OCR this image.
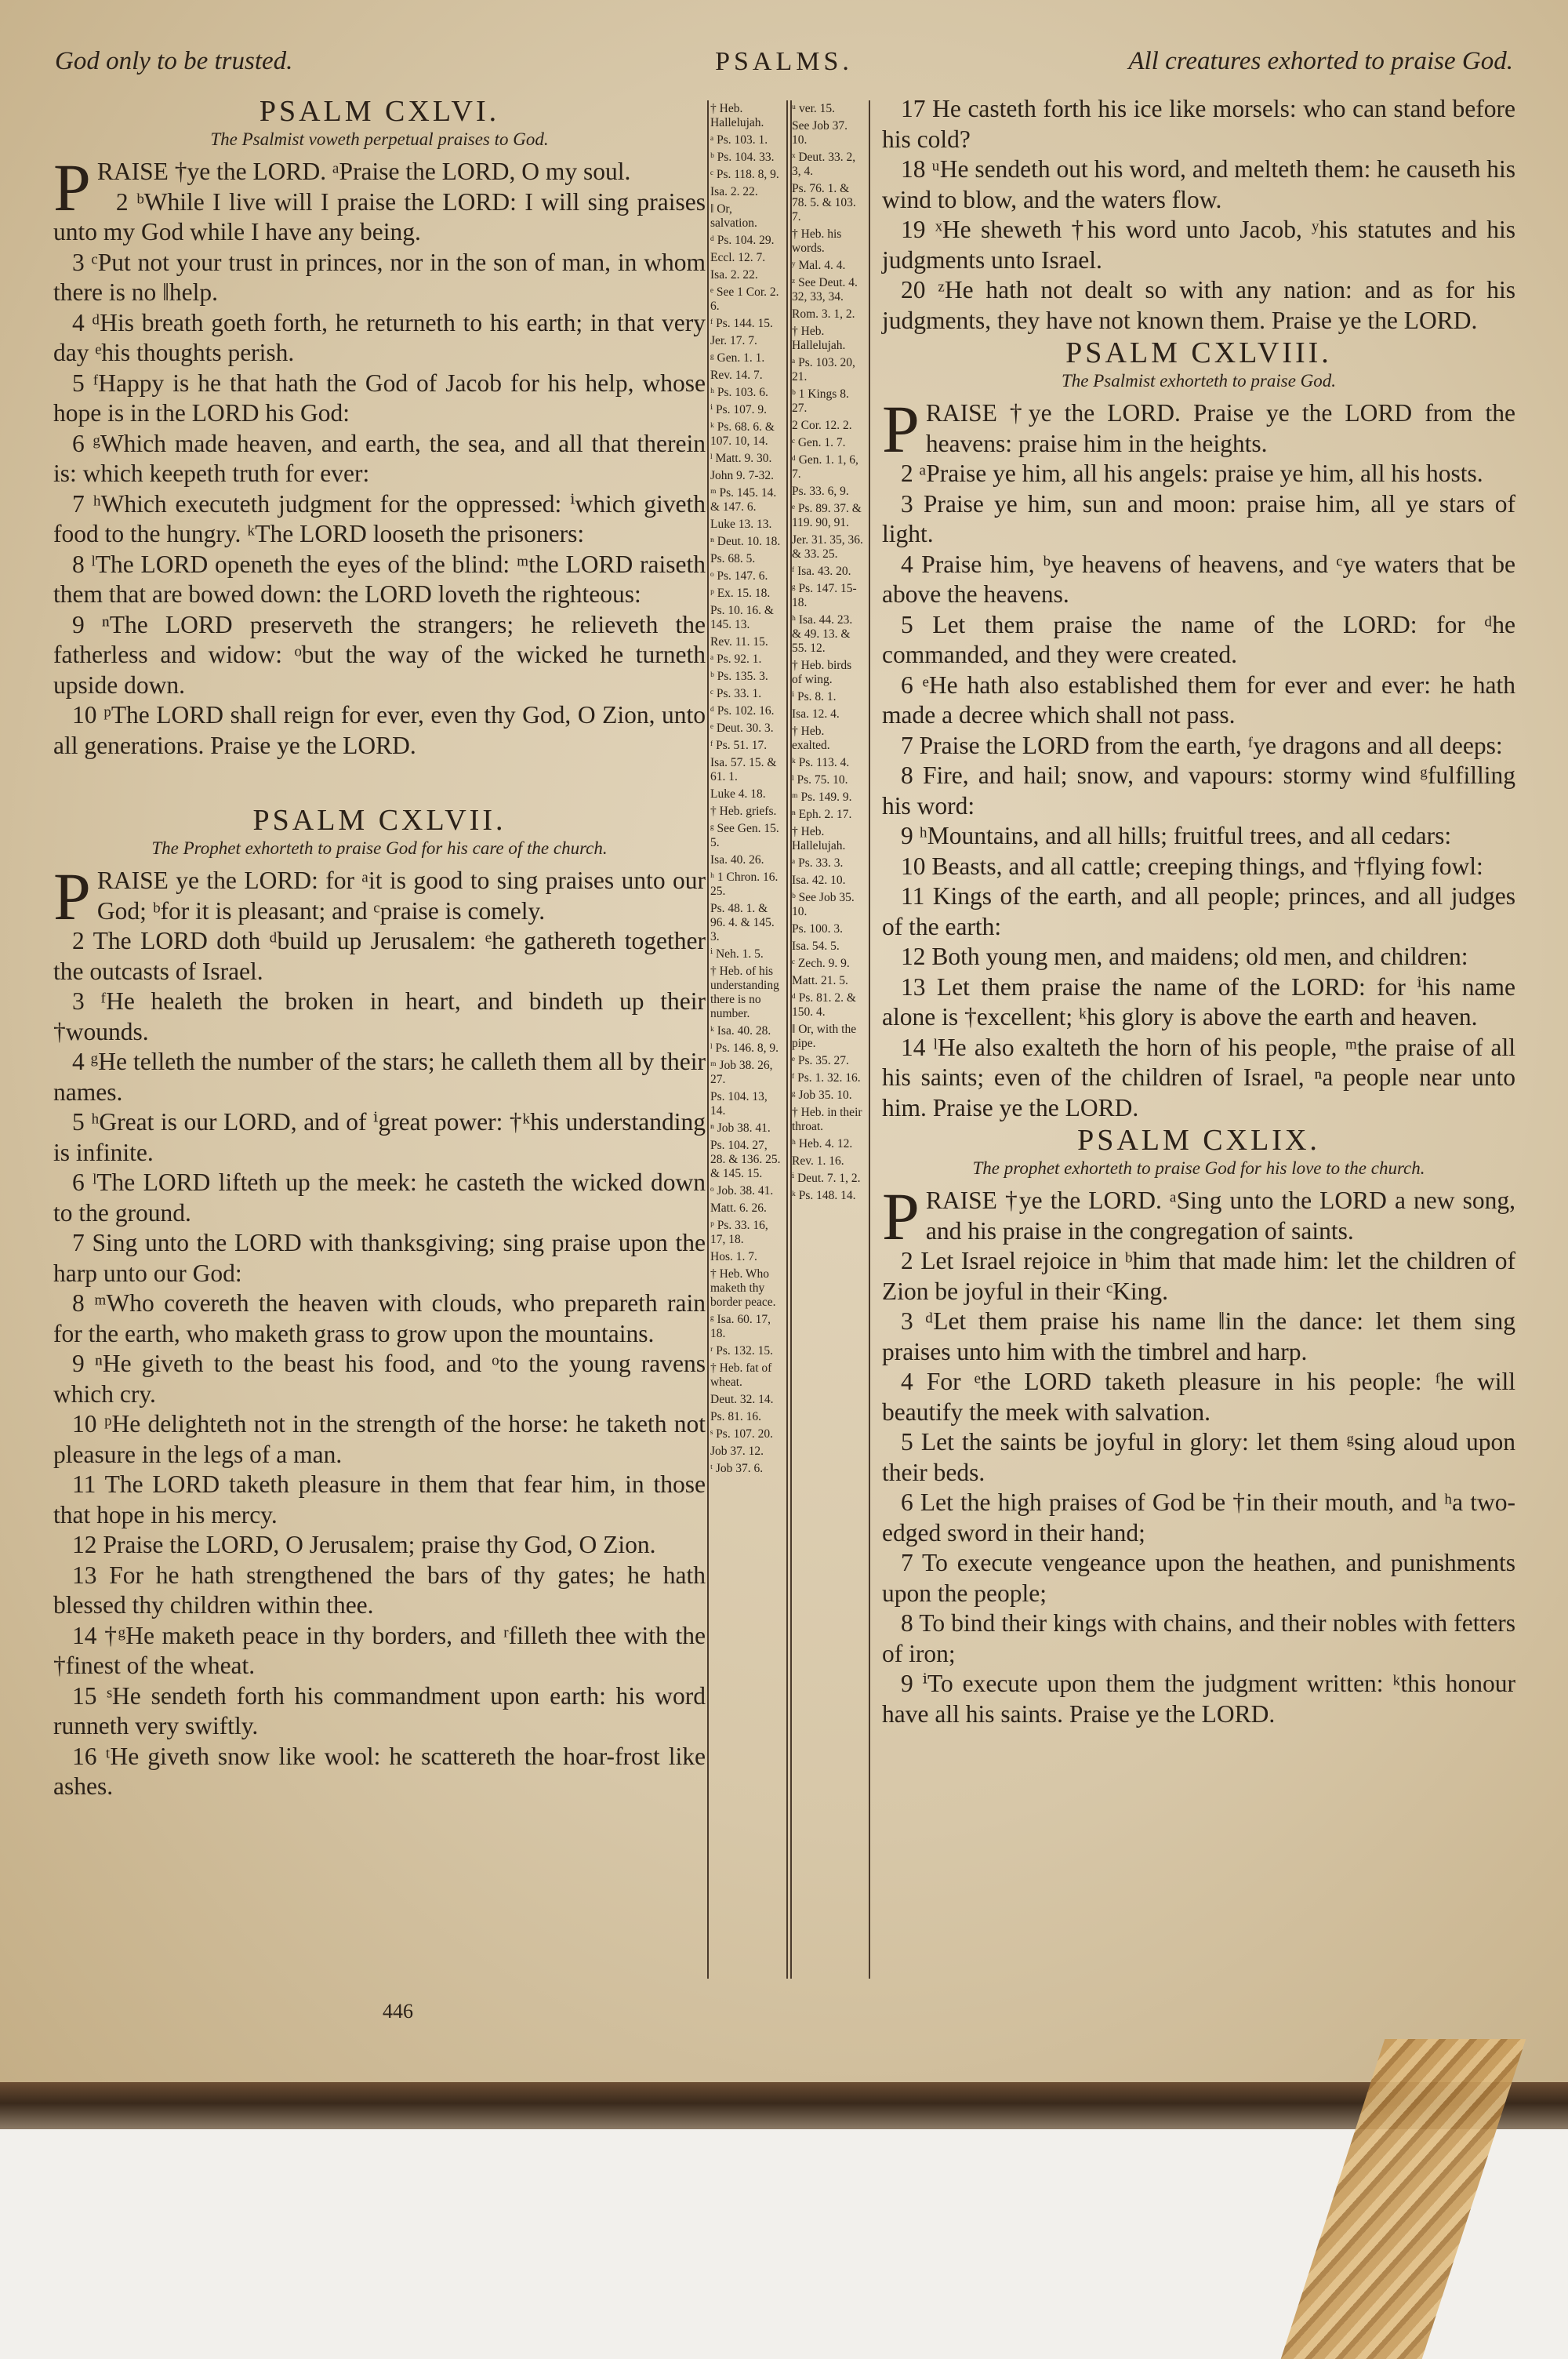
God only to be trusted.	PSALMS.	All creatures exhorted to praise God.

PSALM CXLVI.

The Psalmist voweth perpetual praises to God.

P RAISE †ye the LORD. ᵃPraise the LORD, O my soul.

2 ᵇWhile I live will I praise the LORD: I will sing praises unto my God while I have any being.

3 ᶜPut not your trust in princes, nor in the son of man, in whom there is no ‖help.

4 ᵈHis breath goeth forth, he returneth to his earth; in that very day ᵉhis thoughts perish.

5 ᶠHappy is he that hath the God of Jacob for his help, whose hope is in the LORD his God:

6 ᵍWhich made heaven, and earth, the sea, and all that therein is: which keepeth truth for ever:

7 ʰWhich executeth judgment for the oppressed: ⁱwhich giveth food to the hungry. ᵏThe LORD looseth the prisoners:

8 ˡThe LORD openeth the eyes of the blind: ᵐthe LORD raiseth them that are bowed down: the LORD loveth the righteous:

9 ⁿThe LORD preserveth the strangers; he relieveth the fatherless and widow: ᵒbut the way of the wicked he turneth upside down.

10 ᵖThe LORD shall reign for ever, even thy God, O Zion, unto all generations. Praise ye the LORD.

PSALM CXLVII.

The Prophet exhorteth to praise God for his care of the church.

P RAISE ye the LORD: for ᵃit is good to sing praises unto our God; ᵇfor it is pleasant; and ᶜpraise is comely.

2 The LORD doth ᵈbuild up Jerusalem: ᵉhe gathereth together the outcasts of Israel.

3 ᶠHe healeth the broken in heart, and bindeth up their †wounds.

4 ᵍHe telleth the number of the stars; he calleth them all by their names.

5 ʰGreat is our LORD, and of ⁱgreat power: †ᵏhis understanding is infinite.

6 ˡThe LORD lifteth up the meek: he casteth the wicked down to the ground.

7 Sing unto the LORD with thanksgiving; sing praise upon the harp unto our God:

8 ᵐWho covereth the heaven with clouds, who prepareth rain for the earth, who maketh grass to grow upon the mountains.

9 ⁿHe giveth to the beast his food, and ᵒto the young ravens which cry.

10 ᵖHe delighteth not in the strength of the horse: he taketh not pleasure in the legs of a man.

11 The LORD taketh pleasure in them that fear him, in those that hope in his mercy.

12 Praise the LORD, O Jerusalem; praise thy God, O Zion.

13 For he hath strengthened the bars of thy gates; he hath blessed thy children within thee.

14 †ᵍHe maketh peace in thy borders, and ʳfilleth thee with the †finest of the wheat.

15 ˢHe sendeth forth his commandment upon earth: his word runneth very swiftly.

16 ᵗHe giveth snow like wool: he scattereth the hoar-frost like ashes.

† Heb. Hallelujah.

ᵃ Ps. 103. 1.

ᵇ Ps. 104. 33.

ᶜ Ps. 118. 8, 9.

Isa. 2. 22.

‖ Or, salvation.

ᵈ Ps. 104. 29.

Eccl. 12. 7.

Isa. 2. 22.

ᵉ See 1 Cor. 2. 6.

ᶠ Ps. 144. 15.

Jer. 17. 7.

ᵍ Gen. 1. 1.

Rev. 14. 7.

ʰ Ps. 103. 6.

ⁱ Ps. 107. 9.

ᵏ Ps. 68. 6. & 107. 10, 14.

ˡ Matt. 9. 30.

John 9. 7-32.

ᵐ Ps. 145. 14. & 147. 6.

Luke 13. 13.

ⁿ Deut. 10. 18.

Ps. 68. 5.

ᵒ Ps. 147. 6.

ᵖ Ex. 15. 18.

Ps. 10. 16. & 145. 13.

Rev. 11. 15.

ᵃ Ps. 92. 1.

ᵇ Ps. 135. 3.

ᶜ Ps. 33. 1.

ᵈ Ps. 102. 16.

ᵉ Deut. 30. 3.

ᶠ Ps. 51. 17.

Isa. 57. 15. & 61. 1.

Luke 4. 18.

† Heb. griefs.

ᵍ See Gen. 15. 5.

Isa. 40. 26.

ʰ 1 Chron. 16. 25.

Ps. 48. 1. & 96. 4. & 145. 3.

ⁱ Neh. 1. 5.

† Heb. of his understanding there is no number.

ᵏ Isa. 40. 28.

ˡ Ps. 146. 8, 9.

ᵐ Job 38. 26, 27.

Ps. 104. 13, 14.

ⁿ Job 38. 41.

Ps. 104. 27, 28. & 136. 25. & 145. 15.

ᵒ Job. 38. 41.

Matt. 6. 26.

ᵖ Ps. 33. 16, 17, 18.

Hos. 1. 7.

† Heb. Who maketh thy border peace.

ᵍ Isa. 60. 17, 18.

ʳ Ps. 132. 15.

† Heb. fat of wheat.

Deut. 32. 14.

Ps. 81. 16.

ˢ Ps. 107. 20.

Job 37. 12.

ᵗ Job 37. 6.

ᵘ ver. 15.

See Job 37. 10.

ˣ Deut. 33. 2, 3, 4.

Ps. 76. 1. & 78. 5. & 103. 7.

† Heb. his words.

ʸ Mal. 4. 4.

ᶻ See Deut. 4. 32, 33, 34.

Rom. 3. 1, 2.

† Heb. Hallelujah.

ᵃ Ps. 103. 20, 21.

ᵇ 1 Kings 8. 27.

2 Cor. 12. 2.

ᶜ Gen. 1. 7.

ᵈ Gen. 1. 1, 6, 7.

Ps. 33. 6, 9.

ᵉ Ps. 89. 37. & 119. 90, 91.

Jer. 31. 35, 36. & 33. 25.

ᶠ Isa. 43. 20.

ᵍ Ps. 147. 15-18.

ʰ Isa. 44. 23. & 49. 13. & 55. 12.

† Heb. birds of wing.

ⁱ Ps. 8. 1.

Isa. 12. 4.

† Heb. exalted.

ᵏ Ps. 113. 4.

ˡ Ps. 75. 10.

ᵐ Ps. 149. 9.

ⁿ Eph. 2. 17.

† Heb. Hallelujah.

ᵃ Ps. 33. 3.

Isa. 42. 10.

ᵇ See Job 35. 10.

Ps. 100. 3.

Isa. 54. 5.

ᶜ Zech. 9. 9.

Matt. 21. 5.

ᵈ Ps. 81. 2. & 150. 4.

‖ Or, with the pipe.

ᵉ Ps. 35. 27.

ᶠ Ps. 1. 32. 16.

ᵍ Job 35. 10.

† Heb. in their throat.

ʰ Heb. 4. 12.

Rev. 1. 16.

ⁱ Deut. 7. 1, 2.

ᵏ Ps. 148. 14.

17 He casteth forth his ice like morsels: who can stand before his cold?

18 ᵘHe sendeth out his word, and melteth them: he causeth his wind to blow, and the waters flow.

19 ˣHe sheweth †his word unto Jacob, ʸhis statutes and his judgments unto Israel.

20 ᶻHe hath not dealt so with any nation: and as for his judgments, they have not known them. Praise ye the LORD.

PSALM CXLVIII.

The Psalmist exhorteth to praise God.

P RAISE †ye the LORD. Praise ye the LORD from the heavens: praise him in the heights.

2 ᵃPraise ye him, all his angels: praise ye him, all his hosts.

3 Praise ye him, sun and moon: praise him, all ye stars of light.

4 Praise him, ᵇye heavens of heavens, and ᶜye waters that be above the heavens.

5 Let them praise the name of the LORD: for ᵈhe commanded, and they were created.

6 ᵉHe hath also established them for ever and ever: he hath made a decree which shall not pass.

7 Praise the LORD from the earth, ᶠye dragons and all deeps:

8 Fire, and hail; snow, and vapours: stormy wind ᵍfulfilling his word:

9 ʰMountains, and all hills; fruitful trees, and all cedars:

10 Beasts, and all cattle; creeping things, and †flying fowl:

11 Kings of the earth, and all people; princes, and all judges of the earth:

12 Both young men, and maidens; old men, and children:

13 Let them praise the name of the LORD: for ⁱhis name alone is †excellent; ᵏhis glory is above the earth and heaven.

14 ˡHe also exalteth the horn of his people, ᵐthe praise of all his saints; even of the children of Israel, ⁿa people near unto him. Praise ye the LORD.

PSALM CXLIX.

The prophet exhorteth to praise God for his love to the church.

P RAISE †ye the LORD. ᵃSing unto the LORD a new song, and his praise in the congregation of saints.

2 Let Israel rejoice in ᵇhim that made him: let the children of Zion be joyful in their ᶜKing.

3 ᵈLet them praise his name ‖in the dance: let them sing praises unto him with the timbrel and harp.

4 For ᵉthe LORD taketh pleasure in his people: ᶠhe will beautify the meek with salvation.

5 Let the saints be joyful in glory: let them ᵍsing aloud upon their beds.

6 Let the high praises of God be †in their mouth, and ʰa two-edged sword in their hand;

7 To execute vengeance upon the heathen, and punishments upon the people;

8 To bind their kings with chains, and their nobles with fetters of iron;

9 ⁱTo execute upon them the judgment written: ᵏthis honour have all his saints. Praise ye the LORD.

446
